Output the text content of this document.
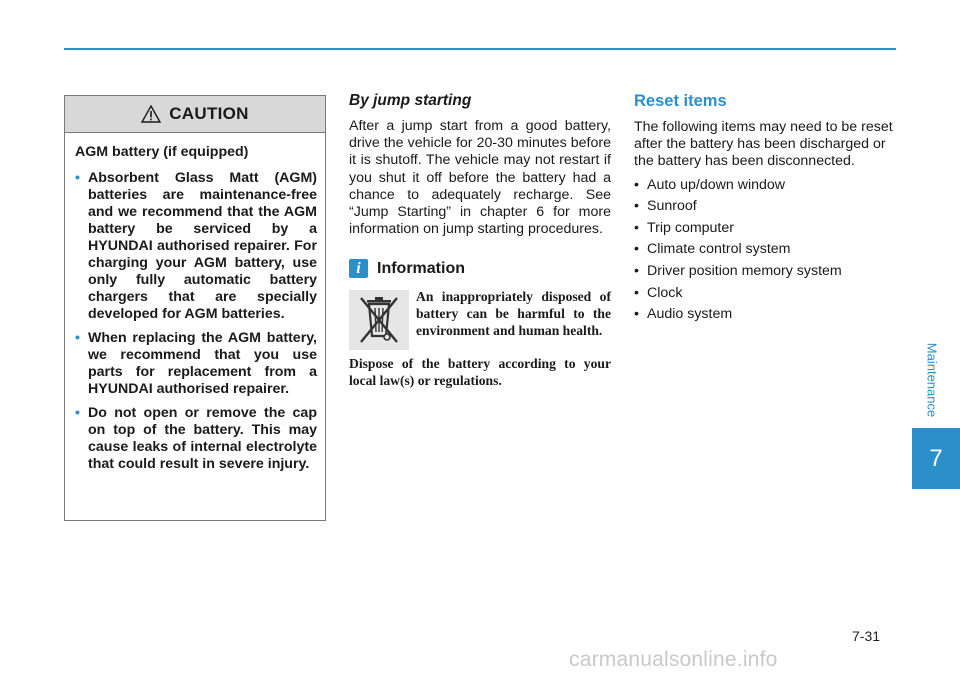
CAUTION
AGM battery (if equipped)
• Absorbent Glass Matt (AGM) batteries are maintenance-free and we recommend that the AGM battery be serviced by a HYUNDAI authorised repairer. For charging your AGM battery, use only fully automatic battery chargers that are specially developed for AGM batteries.
• When replacing the AGM battery, we recommend that you use parts for replacement from a HYUNDAI authorised repairer.
• Do not open or remove the cap on top of the battery. This may cause leaks of internal electrolyte that could result in severe injury.

By jump starting

After a jump start from a good battery, drive the vehicle for 20-30 minutes before it is shutoff. The vehicle may not restart if you shut it off before the battery had a chance to adequately recharge. See “Jump Starting” in chapter 6 for more information on jump starting procedures.

i	Information
An inappropriately disposed of battery can be harmful to the environment and human health.
Dispose of the battery according to your local law(s) or regulations.

Reset items

The following items may need to be reset after the battery has been discharged or the battery has been disconnected.

• Auto up/down window
• Sunroof
• Trip computer
• Climate control system
• Driver position memory system
• Clock
• Audio system
Maintenance
7
7-31
carmanualsonline.info
